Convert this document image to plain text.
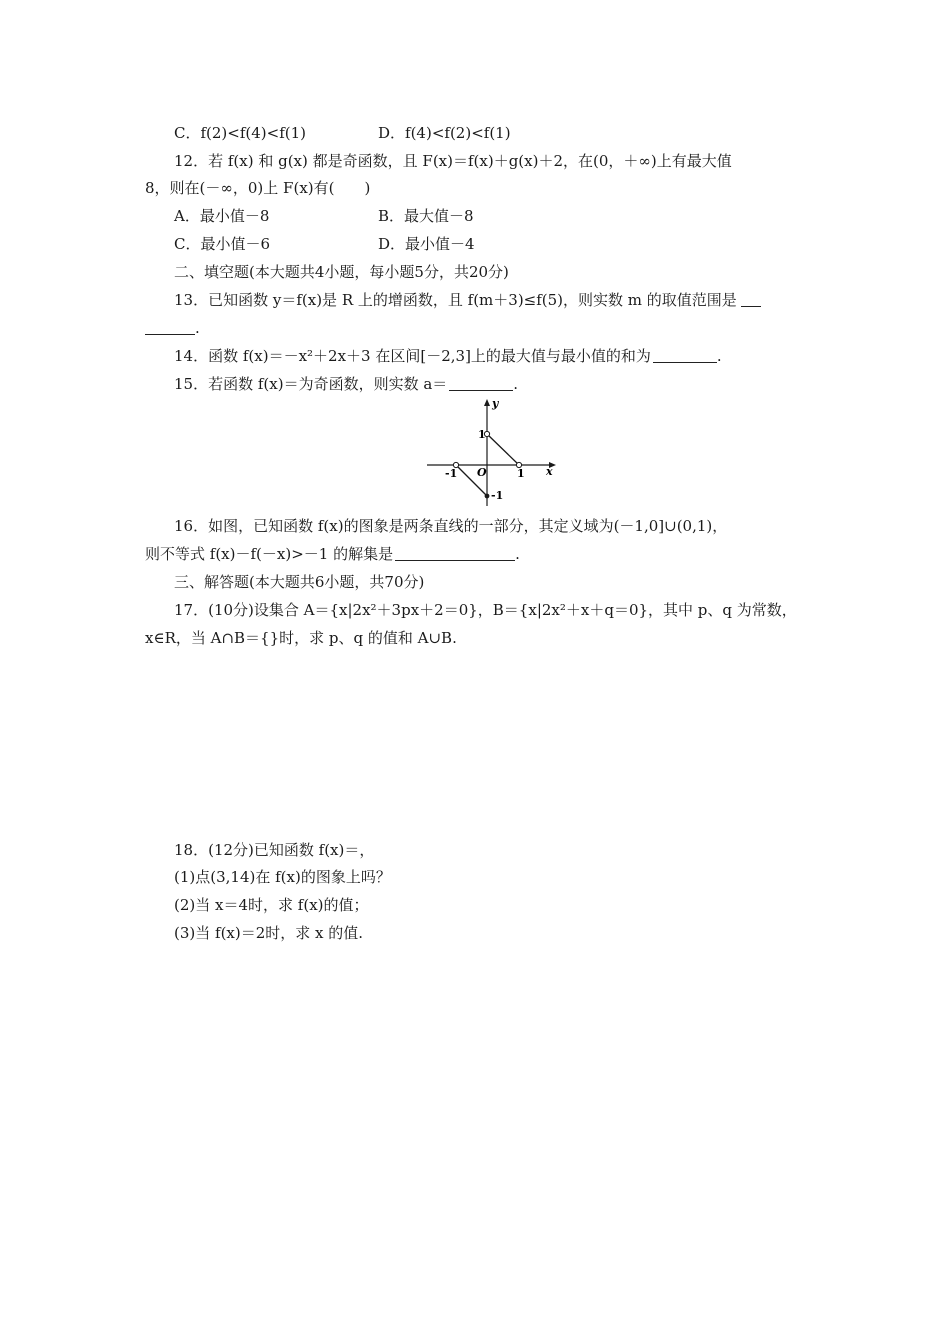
C．f(2)<f(4)<f(1)	D．f(4)<f(2)<f(1)
12．若 f(x) 和 g(x) 都是奇函数，且 F(x)＝f(x)＋g(x)＋2，在(0，＋∞)上有最大值
8，则在(－∞，0)上 F(x)有(　　)
A．最小值－8	B．最大值－8
C．最小值－6	D．最小值－4
二、填空题(本大题共4小题，每小题5分，共20分)
13．已知函数 y＝f(x)是 R 上的增函数，且 f(m＋3)≤f(5)，则实数 m 的取值范围是
.
14．函数 f(x)＝－x²＋2x＋3 在区间[－2,3]上的最大值与最小值的和为	.
15．若函数 f(x)＝为奇函数，则实数 a＝	.
y
x
O
1
1
-1
-1
16．如图，已知函数 f(x)的图象是两条直线的一部分，其定义域为(－1,0]∪(0,1)，
则不等式 f(x)－f(－x)>－1 的解集是	.
三、解答题(本大题共6小题，共70分)
17．(10分)设集合 A＝{x|2x²＋3px＋2＝0}，B＝{x|2x²＋x＋q＝0}，其中 p、q 为常数，
x∈R，当 A∩B＝{}时，求 p、q 的值和 A∪B.
18．(12分)已知函数 f(x)＝，
(1)点(3,14)在 f(x)的图象上吗？
(2)当 x＝4时，求 f(x)的值；
(3)当 f(x)＝2时，求 x 的值.
